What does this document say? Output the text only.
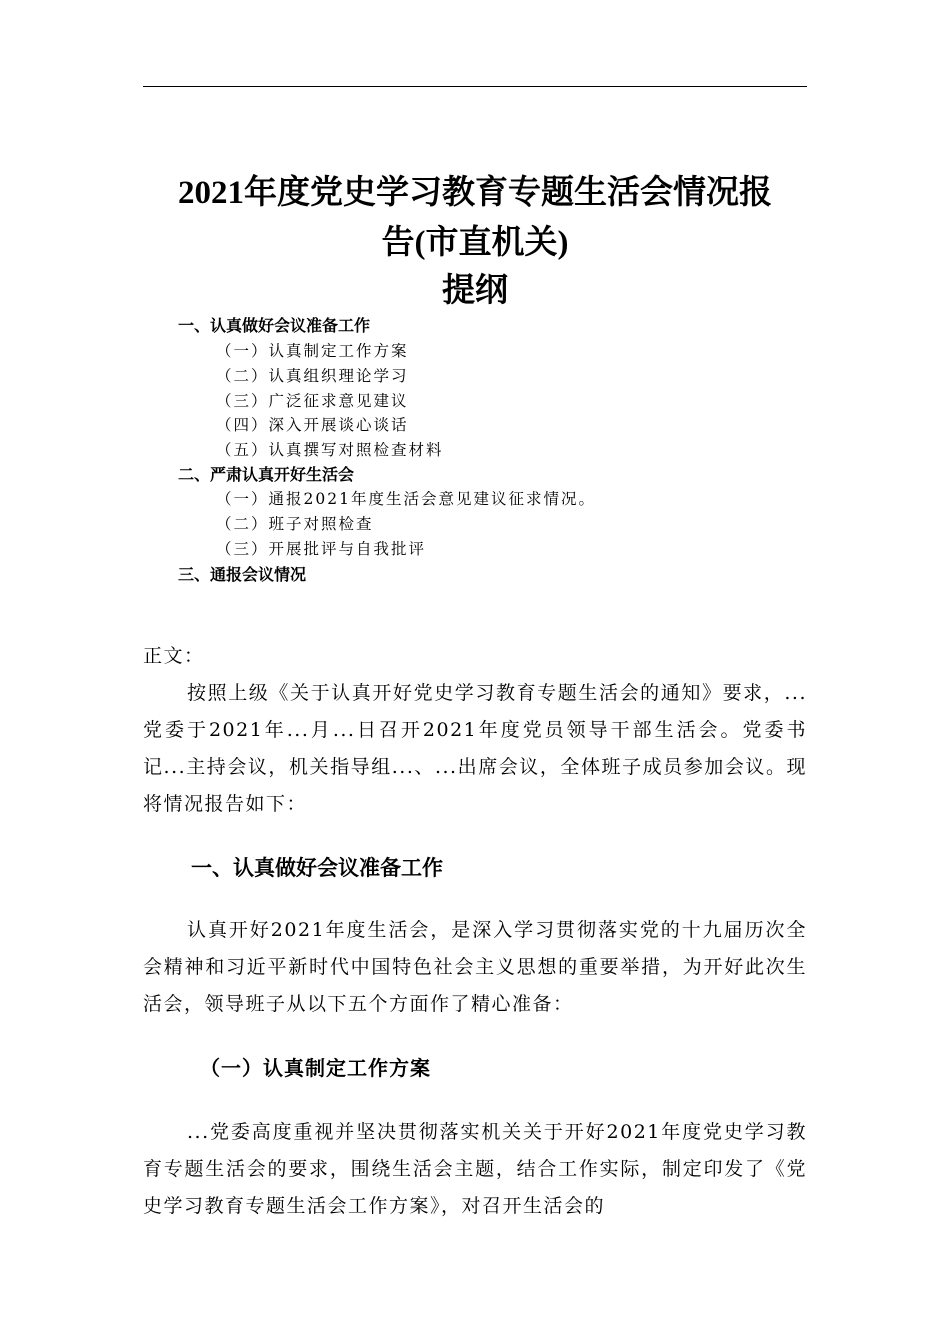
2021年度党史学习教育专题生活会情况报
告(市直机关)
提纲
一、认真做好会议准备工作
（一）认真制定工作方案
（二）认真组织理论学习
（三）广泛征求意见建议
（四）深入开展谈心谈话
（五）认真撰写对照检查材料
二、严肃认真开好生活会
（一）通报2021年度生活会意见建议征求情况。
（二）班子对照检查
（三）开展批评与自我批评
三、通报会议情况

正文：

按照上级《关于认真开好党史学习教育专题生活会的通知》要求，...党委于2021年...月...日召开2021年度党员领导干部生活会。党委书记...主持会议，机关指导组...、...出席会议，全体班子成员参加会议。现将情况报告如下：

一、认真做好会议准备工作

认真开好2021年度生活会，是深入学习贯彻落实党的十九届历次全会精神和习近平新时代中国特色社会主义思想的重要举措，为开好此次生活会，领导班子从以下五个方面作了精心准备：

（一）认真制定工作方案

...党委高度重视并坚决贯彻落实机关关于开好2021年度党史学习教育专题生活会的要求，围绕生活会主题，结合工作实际，制定印发了《党史学习教育专题生活会工作方案》，对召开生活会的
